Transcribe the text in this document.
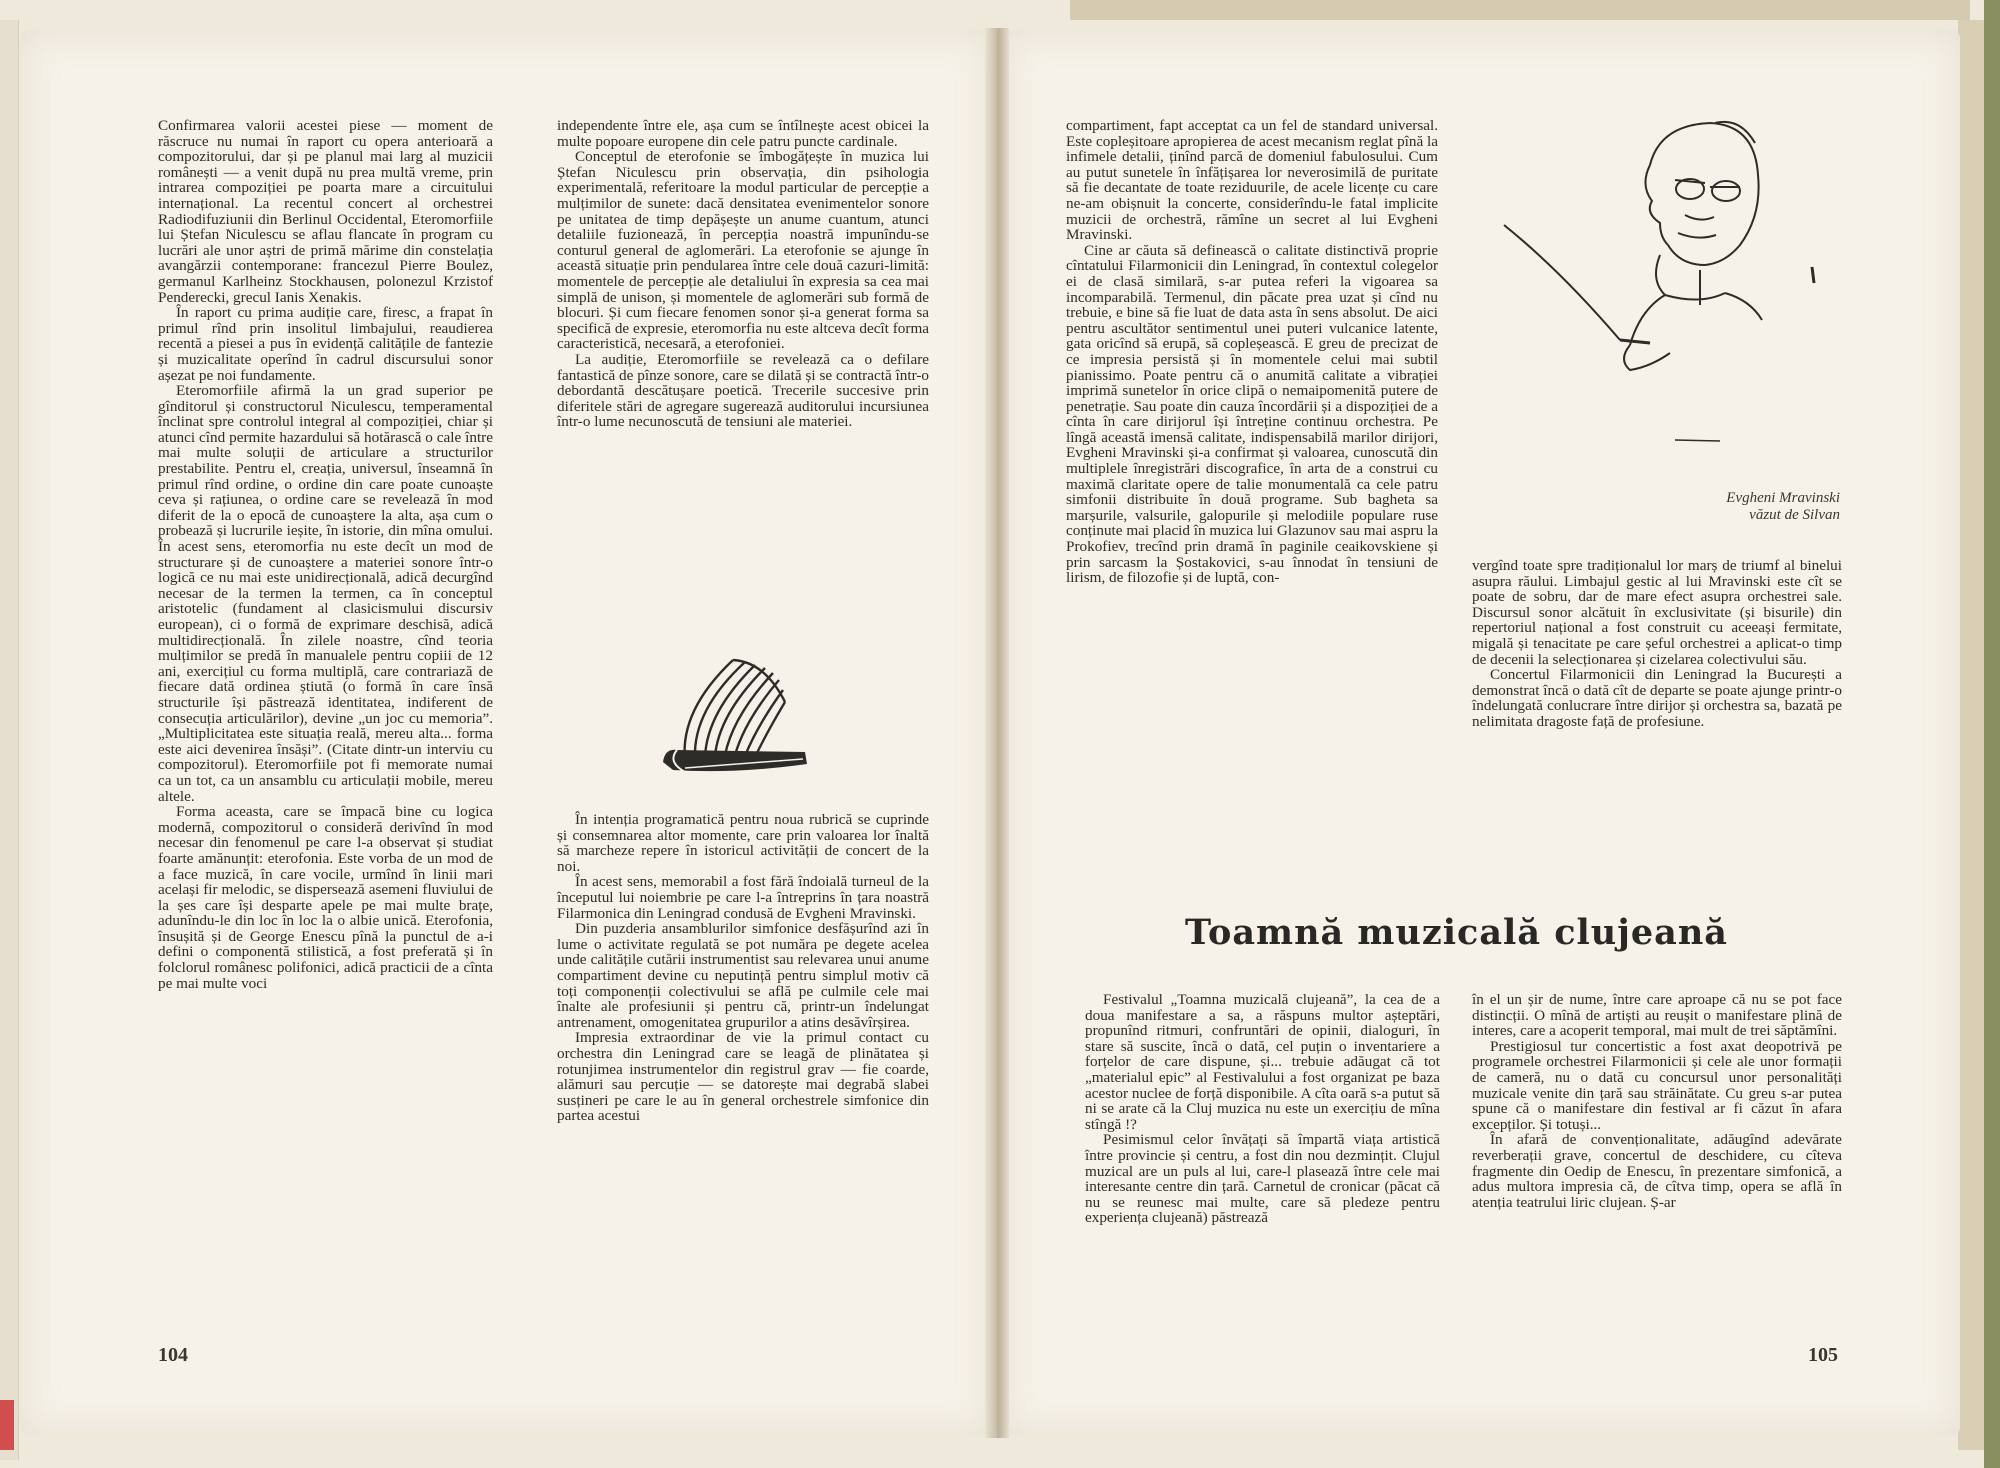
Confirmarea valorii acestei piese — moment de răscruce nu numai în raport cu opera anterioară a compozitorului, dar și pe planul mai larg al muzicii românești — a venit după nu prea multă vreme, prin intrarea compoziției pe poarta mare a circuitului internațional. La recentul concert al orchestrei Radiodifuziunii din Berlinul Occidental, Eteromorfiile lui Ștefan Niculescu se aflau flancate în program cu lucrări ale unor aștri de primă mărime din constelația avangărzii contemporane: francezul Pierre Boulez, germanul Karlheinz Stockhausen, polonezul Krzistof Penderecki, grecul Ianis Xenakis.

În raport cu prima audiție care, firesc, a frapat în primul rînd prin insolitul limbajului, reaudierea recentă a piesei a pus în evidență calitățile de fantezie și muzicalitate operînd în cadrul discursului sonor așezat pe noi fundamente.

Eteromorfiile afirmă la un grad superior pe gînditorul și constructorul Niculescu, temperamental înclinat spre controlul integral al compoziției, chiar și atunci cînd permite hazardului să hotărască o cale între mai multe soluții de articulare a structurilor prestabilite. Pentru el, creația, universul, înseamnă în primul rînd ordine, o ordine din care poate cunoaște ceva și rațiunea, o ordine care se revelează în mod diferit de la o epocă de cunoaștere la alta, așa cum o probează și lucrurile ieșite, în istorie, din mîna omului. În acest sens, eteromorfia nu este decît un mod de structurare și de cunoaștere a materiei sonore într-o logică ce nu mai este unidirecțională, adică decurgînd necesar de la termen la termen, ca în conceptul aristotelic (fundament al clasicismului discursiv european), ci o formă de exprimare deschisă, adică multidirecțională. În zilele noastre, cînd teoria mulțimilor se predă în manualele pentru copiii de 12 ani, exercițiul cu forma multiplă, care contrariază de fiecare dată ordinea știută (o formă în care însă structurile își păstrează identitatea, indiferent de consecuția articulărilor), devine „un joc cu memoria”. „Multiplicitatea este situația reală, mereu alta... forma este aici devenirea însăși”. (Citate dintr-un interviu cu compozitorul). Eteromorfiile pot fi memorate numai ca un tot, ca un ansamblu cu articulații mobile, mereu altele.

Forma aceasta, care se împacă bine cu logica modernă, compozitorul o consideră derivînd în mod necesar din fenomenul pe care l-a observat și studiat foarte amănunțit: eterofonia. Este vorba de un mod de a face muzică, în care vocile, urmînd în linii mari același fir melodic, se dispersează asemeni fluviului de la șes care își desparte apele pe mai multe brațe, adunîndu-le din loc în loc la o albie unică. Eterofonia, însușită și de George Enescu pînă la punctul de a-i defini o componentă stilistică, a fost preferată și în folclorul românesc polifonici, adică practicii de a cînta pe mai multe voci

independente între ele, așa cum se întîlnește acest obicei la multe popoare europene din cele patru puncte cardinale.

Conceptul de eterofonie se îmbogățește în muzica lui Ștefan Niculescu prin observația, din psihologia experimentală, referitoare la modul particular de percepție a mulțimilor de sunete: dacă densitatea evenimentelor sonore pe unitatea de timp depășește un anume cuantum, atunci detaliile fuzionează, în percepția noastră impunîndu-se conturul general de aglomerări. La eterofonie se ajunge în această situație prin pendularea între cele două cazuri-limită: momentele de percepție ale detaliului în expresia sa cea mai simplă de unison, și momentele de aglomerări sub formă de blocuri. Și cum fiecare fenomen sonor și-a generat forma sa specifică de expresie, eteromorfia nu este altceva decît forma caracteristică, necesară, a eterofoniei.

La audiție, Eteromorfiile se revelează ca o defilare fantastică de pînze sonore, care se dilată și se contractă într-o debordantă descătușare poetică. Trecerile succesive prin diferitele stări de agregare sugerează auditorului incursiunea într-o lume necunoscută de tensiuni ale materiei.

În intenția programatică pentru noua rubrică se cuprinde și consemnarea altor momente, care prin valoarea lor înaltă să marcheze repere în istoricul activității de concert de la noi.

În acest sens, memorabil a fost fără îndoială turneul de la începutul lui noiembrie pe care l-a întreprins în țara noastră Filarmonica din Leningrad condusă de Evgheni Mravinski.

Din puzderia ansamblurilor simfonice desfășurînd azi în lume o activitate regulată se pot număra pe degete acelea unde calitățile cutării instrumentist sau relevarea unui anume compartiment devine cu neputință pentru simplul motiv că toți componenții colectivului se află pe culmile cele mai înalte ale profesiunii și pentru că, printr-un îndelungat antrenament, omogenitatea grupurilor a atins desăvîrșirea.

Impresia extraordinar de vie la primul contact cu orchestra din Leningrad care se leagă de plinătatea și rotunjimea instrumentelor din registrul grav — fie coarde, alămuri sau percuție — se datorește mai degrabă slabei susțineri pe care le au în general orchestrele simfonice din partea acestui

104

compartiment, fapt acceptat ca un fel de standard universal. Este copleșitoare apropierea de acest mecanism reglat pînă la infimele detalii, ținînd parcă de domeniul fabulosului. Cum au putut sunetele în înfățișarea lor neverosimilă de puritate să fie decantate de toate reziduurile, de acele licențe cu care ne-am obișnuit la concerte, considerîndu-le fatal implicite muzicii de orchestră, rămîne un secret al lui Evgheni Mravinski.

Cine ar căuta să definească o calitate distinctivă proprie cîntatului Filarmonicii din Leningrad, în contextul colegelor ei de clasă similară, s-ar putea referi la vigoarea sa incomparabilă. Termenul, din păcate prea uzat și cînd nu trebuie, e bine să fie luat de data asta în sens absolut. De aici pentru ascultător sentimentul unei puteri vulcanice latente, gata oricînd să erupă, să copleșească. E greu de precizat de ce impresia persistă și în momentele celui mai subtil pianissimo. Poate pentru că o anumită calitate a vibrației imprimă sunetelor în orice clipă o nemaipomenită putere de penetrație. Sau poate din cauza încordării și a dispoziției de a cînta în care dirijorul își întreține continuu orchestra. Pe lîngă această imensă calitate, indispensabilă marilor dirijori, Evgheni Mravinski și-a confirmat și valoarea, cunoscută din multiplele înregistrări discografice, în arta de a construi cu maximă claritate opere de talie monumentală ca cele patru simfonii distribuite în două programe. Sub bagheta sa marșurile, valsurile, galopurile și melodiile populare ruse conținute mai placid în muzica lui Glazunov sau mai aspru la Prokofiev, trecînd prin dramă în paginile ceaikovskiene și prin sarcasm la Șostakovici, s-au înnodat în tensiuni de lirism, de filozofie și de luptă, con-

Evgheni Mravinski
văzut de Silvan

vergînd toate spre tradiționalul lor marș de triumf al binelui asupra răului. Limbajul gestic al lui Mravinski este cît se poate de sobru, dar de mare efect asupra orchestrei sale. Discursul sonor alcătuit în exclusivitate (și bisurile) din repertoriul național a fost construit cu aceeași fermitate, migală și tenacitate pe care șeful orchestrei a aplicat-o timp de decenii la selecționarea și cizelarea colectivului său.

Concertul Filarmonicii din Leningrad la București a demonstrat încă o dată cît de departe se poate ajunge printr-o îndelungată conlucrare între dirijor și orchestra sa, bazată pe nelimitata dragoste față de profesiune.

Toamnă muzicală clujeană

Festivalul „Toamna muzicală clujeană”, la cea de a doua manifestare a sa, a răspuns multor așteptări, propunînd ritmuri, confruntări de opinii, dialoguri, în stare să suscite, încă o dată, cel puțin o inventariere a forțelor de care dispune, și... trebuie adăugat că tot „materialul epic” al Festivalului a fost organizat pe baza acestor nuclee de forță disponibile. A cîta oară s-a putut să ni se arate că la Cluj muzica nu este un exercițiu de mîna stîngă !?

Pesimismul celor învățați să împartă viața artistică între provincie și centru, a fost din nou dezmințit. Clujul muzical are un puls al lui, care-l plasează între cele mai interesante centre din țară. Carnetul de cronicar (păcat că nu se reunesc mai multe, care să pledeze pentru experiența clujeană) păstrează

în el un șir de nume, între care aproape că nu se pot face distincții. O mînă de artiști au reușit o manifestare plină de interes, care a acoperit temporal, mai mult de trei săptămîni.

Prestigiosul tur concertistic a fost axat deopotrivă pe programele orchestrei Filarmonicii și cele ale unor formații de cameră, nu o dată cu concursul unor personalități muzicale venite din țară sau străinătate. Cu greu s-ar putea spune că o manifestare din festival ar fi căzut în afara excepților. Și totuși...

În afară de convenționalitate, adăugînd adevărate reverberații grave, concertul de deschidere, cu cîteva fragmente din Oedip de Enescu, în prezentare simfonică, a adus multora impresia că, de cîtva timp, opera se află în atenția teatrului liric clujean. Ș-ar

105
